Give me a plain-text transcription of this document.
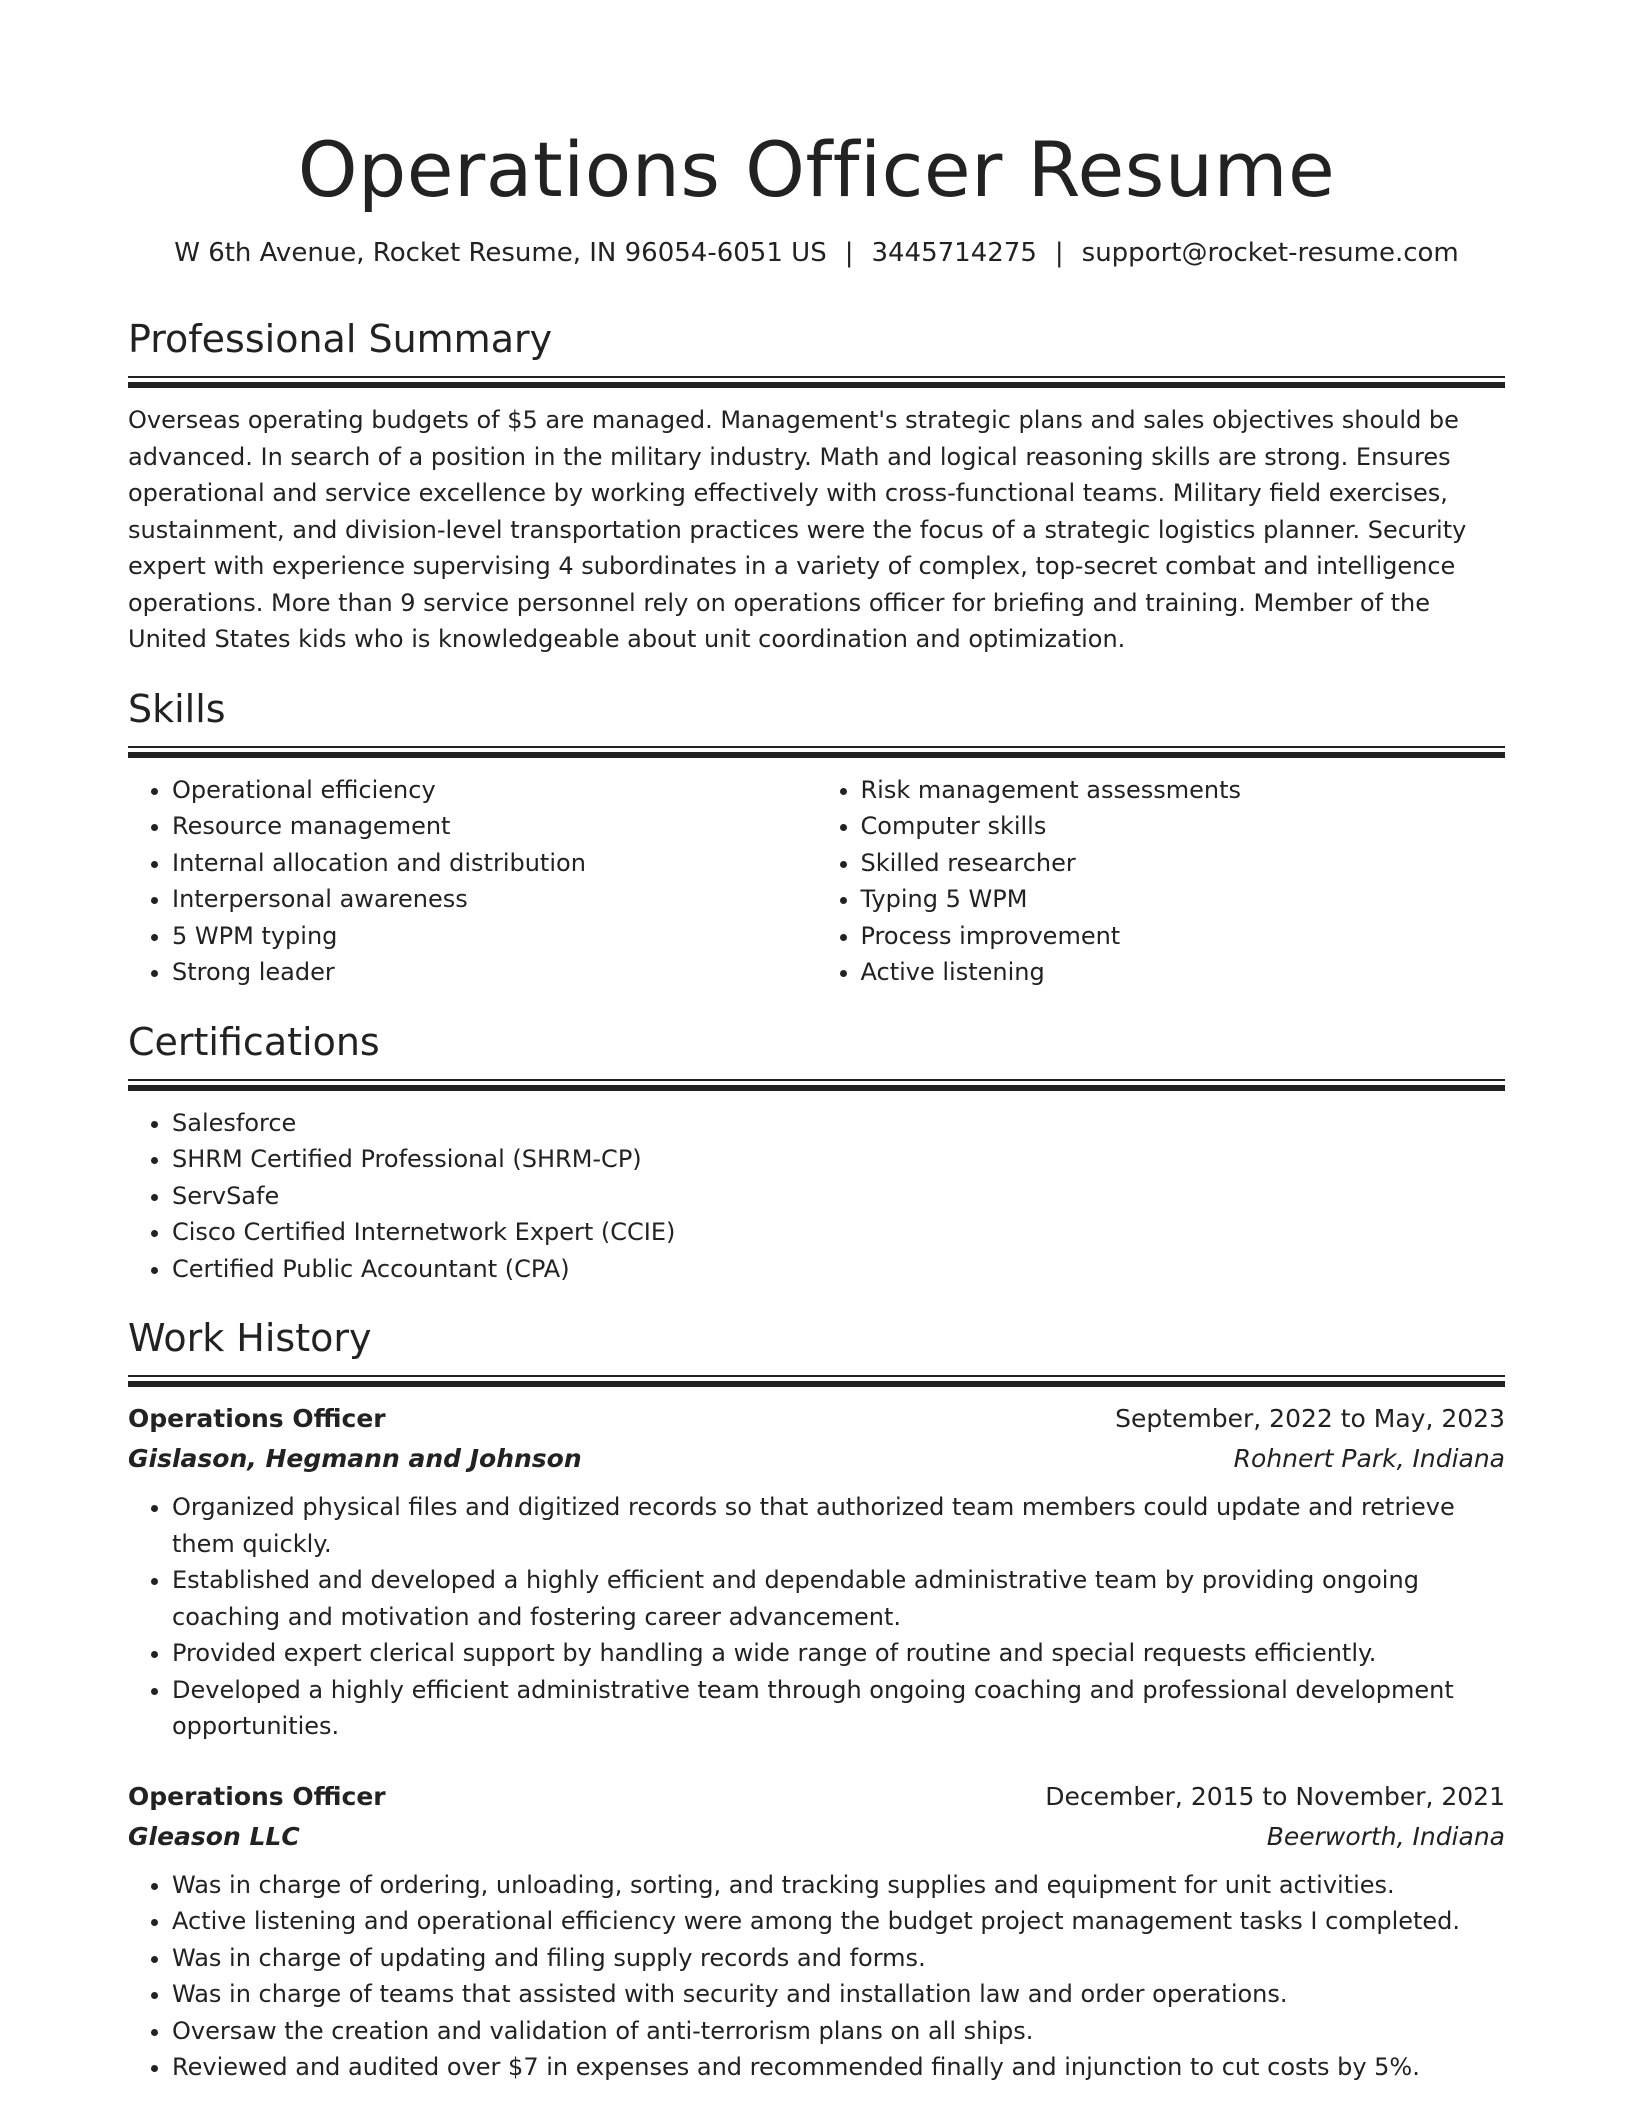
Operations Officer Resume
W 6th Avenue, Rocket Resume, IN 96054-6051 US | 3445714275 | support@rocket-resume.com
Professional Summary

Overseas operating budgets of $5 are managed. Management's strategic plans and sales objectives should be advanced. In search of a position in the military industry. Math and logical reasoning skills are strong. Ensures operational and service excellence by working effectively with cross-functional teams. Military field exercises, sustainment, and division-level transportation practices were the focus of a strategic logistics planner. Security expert with experience supervising 4 subordinates in a variety of complex, top-secret combat and intelligence operations. More than 9 service personnel rely on operations officer for briefing and training. Member of the United States kids who is knowledgeable about unit coordination and optimization.

Skills
• Operational efficiency
• Resource management
• Internal allocation and distribution
• Interpersonal awareness
• 5 WPM typing
• Strong leader
• Risk management assessments
• Computer skills
• Skilled researcher
• Typing 5 WPM
• Process improvement
• Active listening
Certifications
• Salesforce
• SHRM Certified Professional (SHRM-CP)
• ServSafe
• Cisco Certified Internetwork Expert (CCIE)
• Certified Public Accountant (CPA)
Work History
Operations Officer	September, 2022 to May, 2023
Gislason, Hegmann and Johnson	Rohnert Park, Indiana
• Organized physical files and digitized records so that authorized team members could update and retrieve them quickly.
• Established and developed a highly efficient and dependable administrative team by providing ongoing coaching and motivation and fostering career advancement.
• Provided expert clerical support by handling a wide range of routine and special requests efficiently.
• Developed a highly efficient administrative team through ongoing coaching and professional development opportunities.
Operations Officer	December, 2015 to November, 2021
Gleason LLC	Beerworth, Indiana
• Was in charge of ordering, unloading, sorting, and tracking supplies and equipment for unit activities.
• Active listening and operational efficiency were among the budget project management tasks I completed.
• Was in charge of updating and filing supply records and forms.
• Was in charge of teams that assisted with security and installation law and order operations.
• Oversaw the creation and validation of anti-terrorism plans on all ships.
• Reviewed and audited over $7 in expenses and recommended finally and injunction to cut costs by 5%.
